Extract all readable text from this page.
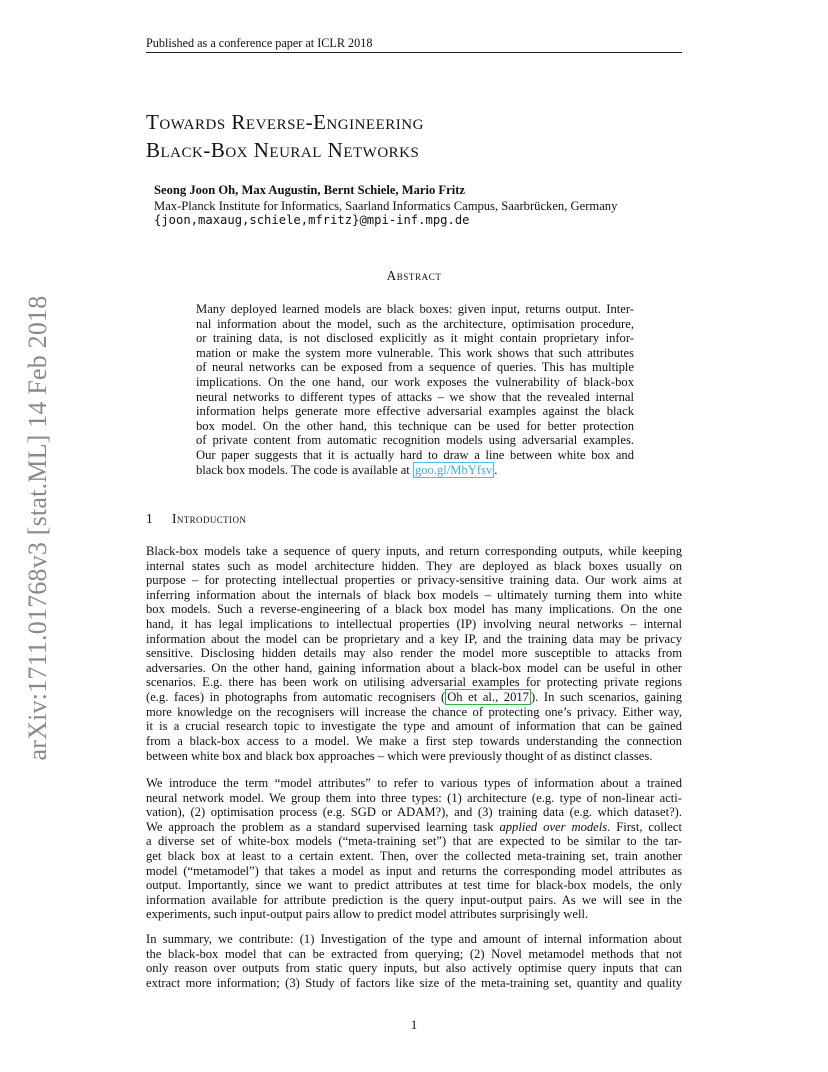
Published as a conference paper at ICLR 2018
arXiv:1711.01768v3 [stat.ML] 14 Feb 2018
Towards Reverse-Engineering
Black-Box Neural Networks
Seong Joon Oh, Max Augustin, Bernt Schiele, Mario Fritz
Max-Planck Institute for Informatics, Saarland Informatics Campus, Saarbrücken, Germany
{joon,maxaug,schiele,mfritz}@mpi-inf.mpg.de
Abstract
Many deployed learned models are black boxes: given input, returns output. Inter-
nal information about the model, such as the architecture, optimisation procedure,
or training data, is not disclosed explicitly as it might contain proprietary infor-
mation or make the system more vulnerable. This work shows that such attributes
of neural networks can be exposed from a sequence of queries. This has multiple
implications. On the one hand, our work exposes the vulnerability of black-box
neural networks to different types of attacks – we show that the revealed internal
information helps generate more effective adversarial examples against the black
box model. On the other hand, this technique can be used for better protection
of private content from automatic recognition models using adversarial examples.
Our paper suggests that it is actually hard to draw a line between white box and
black box models. The code is available at goo.gl/MbYfsv .
1 Introduction
Black-box models take a sequence of query inputs, and return corresponding outputs, while keeping
internal states such as model architecture hidden. They are deployed as black boxes usually on
purpose – for protecting intellectual properties or privacy-sensitive training data. Our work aims at
inferring information about the internals of black box models – ultimately turning them into white
box models. Such a reverse-engineering of a black box model has many implications. On the one
hand, it has legal implications to intellectual properties (IP) involving neural networks – internal
information about the model can be proprietary and a key IP, and the training data may be privacy
sensitive. Disclosing hidden details may also render the model more susceptible to attacks from
adversaries. On the other hand, gaining information about a black-box model can be useful in other
scenarios. E.g. there has been work on utilising adversarial examples for protecting private regions
(e.g. faces) in photographs from automatic recognisers ( Oh et al., 2017 ). In such scenarios, gaining
more knowledge on the recognisers will increase the chance of protecting one’s privacy. Either way,
it is a crucial research topic to investigate the type and amount of information that can be gained
from a black-box access to a model. We make a first step towards understanding the connection
between white box and black box approaches – which were previously thought of as distinct classes.
We introduce the term “model attributes” to refer to various types of information about a trained
neural network model. We group them into three types: (1) architecture (e.g. type of non-linear acti-
vation), (2) optimisation process (e.g. SGD or ADAM?), and (3) training data (e.g. which dataset?).
We approach the problem as a standard supervised learning task applied over models. First, collect
a diverse set of white-box models (“meta-training set”) that are expected to be similar to the tar-
get black box at least to a certain extent. Then, over the collected meta-training set, train another
model (“metamodel”) that takes a model as input and returns the corresponding model attributes as
output. Importantly, since we want to predict attributes at test time for black-box models, the only
information available for attribute prediction is the query input-output pairs. As we will see in the
experiments, such input-output pairs allow to predict model attributes surprisingly well.
In summary, we contribute: (1) Investigation of the type and amount of internal information about
the black-box model that can be extracted from querying; (2) Novel metamodel methods that not
only reason over outputs from static query inputs, but also actively optimise query inputs that can
extract more information; (3) Study of factors like size of the meta-training set, quantity and quality
1
